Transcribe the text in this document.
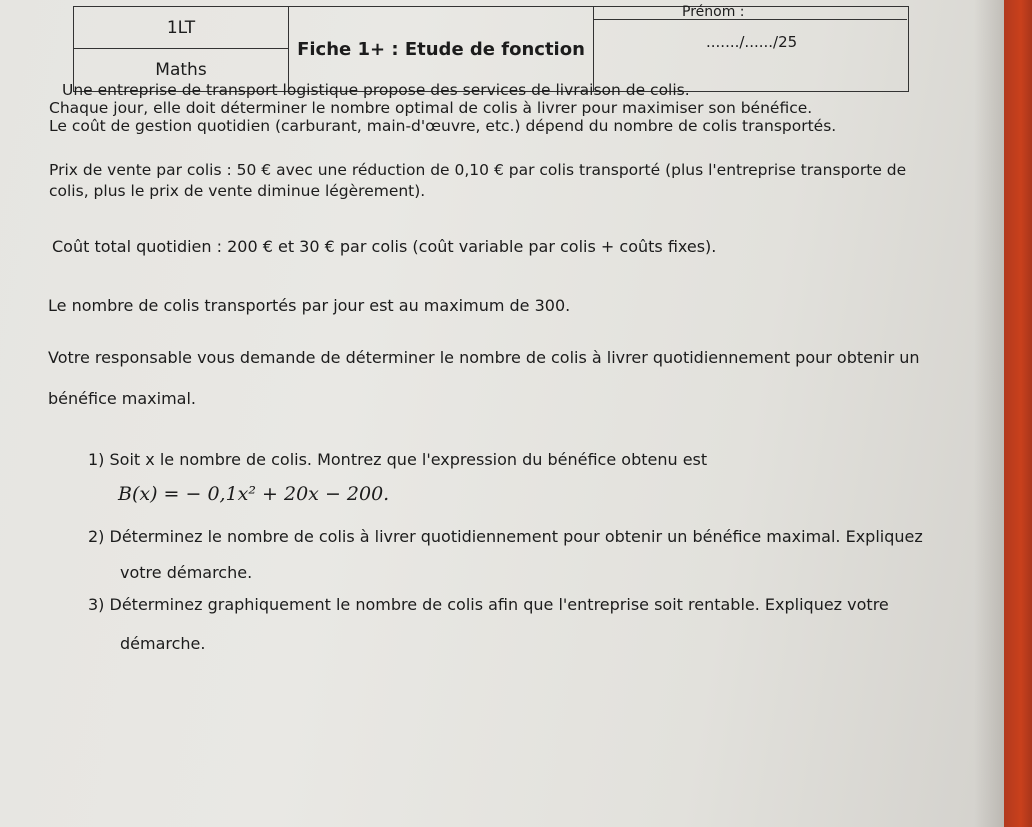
1LT
Maths
Fiche 1+ : Etude de fonction
Prénom :
......./....../25
Une entreprise de transport logistique propose des services de livraison de colis.
Chaque jour, elle doit déterminer le nombre optimal de colis à livrer pour maximiser son bénéfice.
Le coût de gestion quotidien (carburant, main-d'œuvre, etc.) dépend du nombre de colis transportés.
Prix de vente par colis : 50 € avec une réduction de 0,10 € par colis transporté (plus l'entreprise transporte de
colis, plus le prix de vente diminue légèrement).
Coût total quotidien : 200 € et 30 € par colis (coût variable par colis + coûts fixes).
Le nombre de colis transportés par jour est au maximum de 300.
Votre responsable vous demande de déterminer le nombre de colis à livrer quotidiennement pour obtenir un
bénéfice maximal.
1) Soit x le nombre de colis. Montrez que l'expression du bénéfice obtenu est
B(x) = − 0,1x² + 20x − 200.
2) Déterminez le nombre de colis à livrer quotidiennement pour obtenir un bénéfice maximal. Expliquez
votre démarche.
3) Déterminez graphiquement le nombre de colis afin que l'entreprise soit rentable. Expliquez votre
démarche.
